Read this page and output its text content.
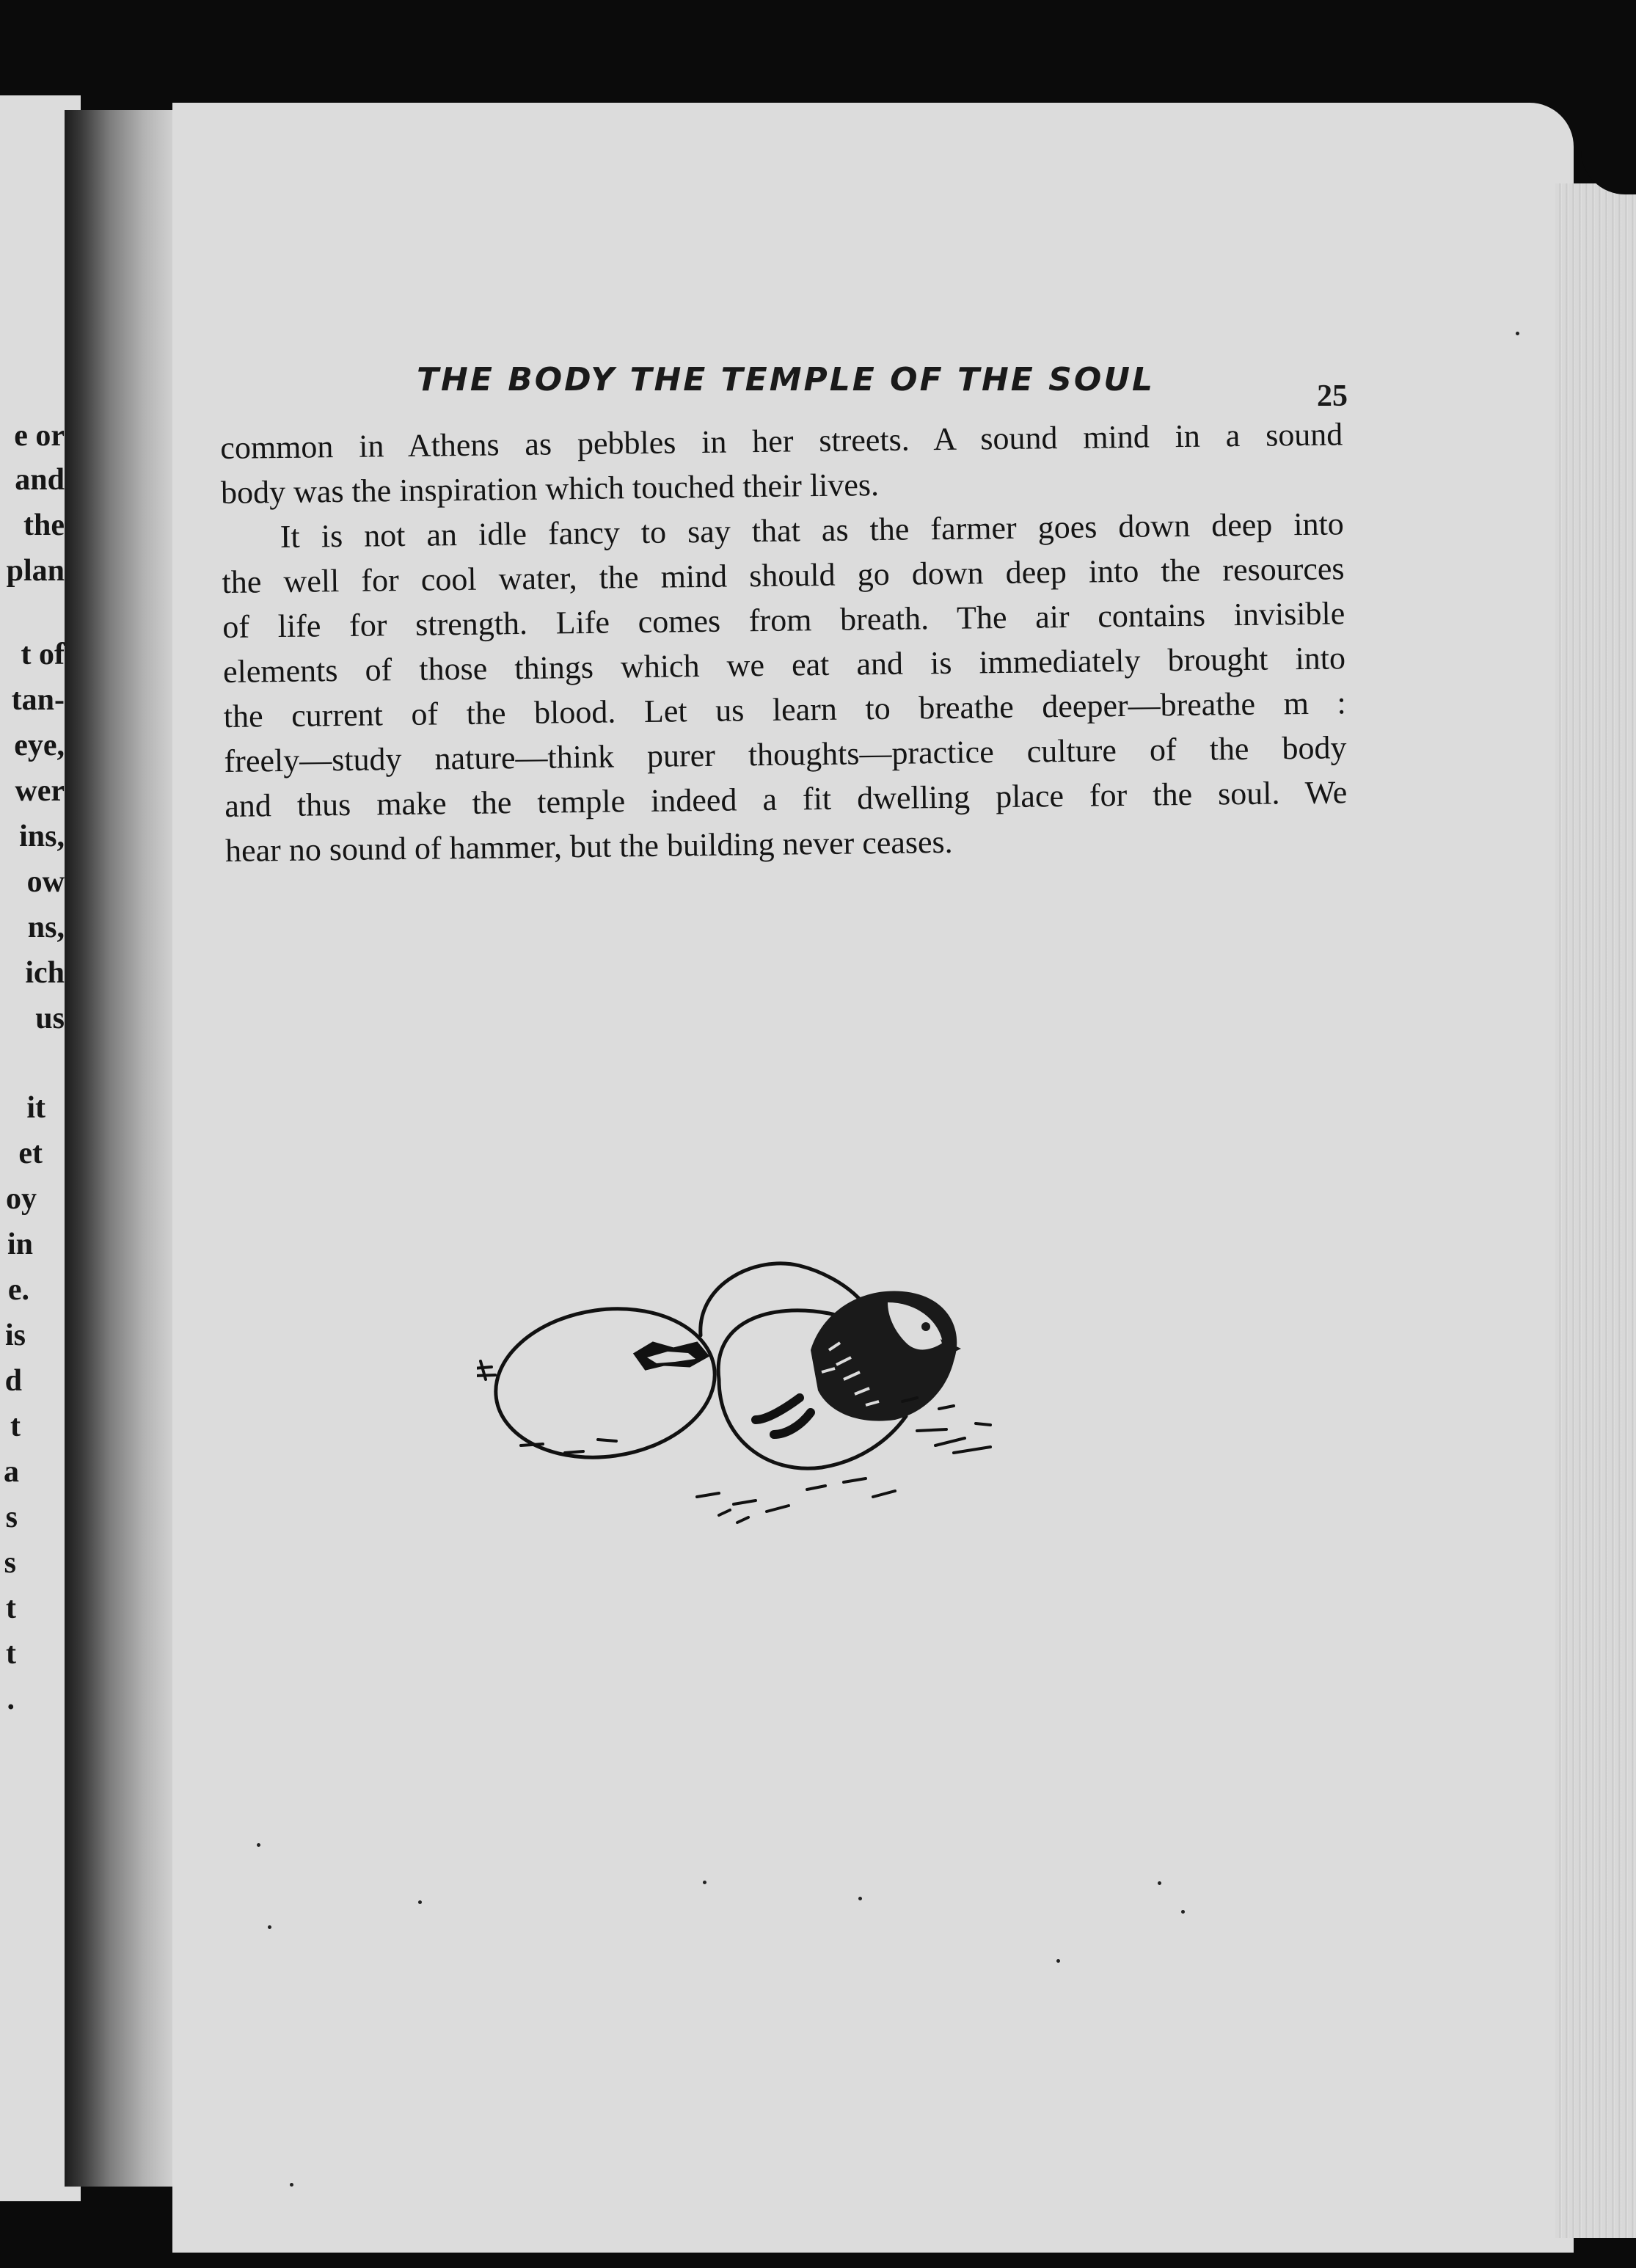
e or
and
the
plan
t of
tan-
eye,
wer
ins,
ow
ns,
ich
us
it
et
oy
in
e.
is
d
t
a
s
s
t
t
.
THE BODY THE TEMPLE OF THE SOUL	25

common in Athens as pebbles in her streets. A sound mind in a sound
body was the inspiration which touched their lives.

It is not an idle fancy to say that as the farmer goes down deep into
the well for cool water, the mind should go down deep into the resources
of life for strength. Life comes from breath. The air contains invisible
elements of those things which we eat and is immediately brought into
the current of the blood. Let us learn to breathe deeper—breathe m :
freely—study nature—think purer thoughts—practice culture of the body
and thus make the temple indeed a fit dwelling place for the soul. We
hear no sound of hammer, but the building never ceases.
